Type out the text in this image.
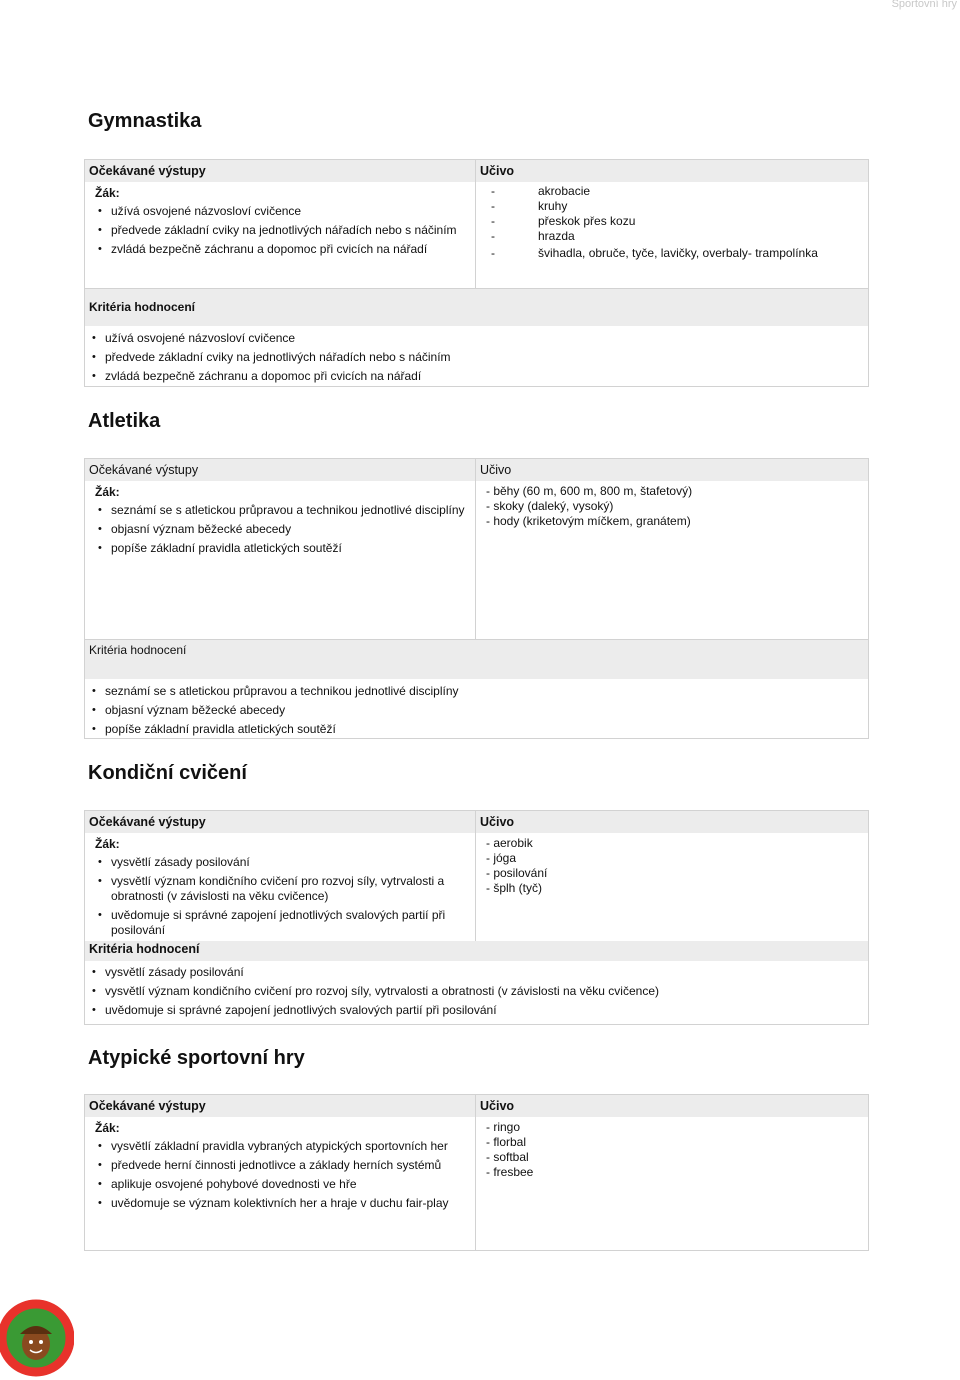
Sportovní hry
Gymnastika
Očekávané výstupy
Žák:
• užívá osvojené názvosloví cvičence
• předvede základní cviky na jednotlivých nářadích nebo s náčiním
• zvládá bezpečně záchranu a dopomoc při cvicích na nářadí
Učivo
- akrobacie
- kruhy
- přeskok přes kozu
- hrazda
- švihadla, obruče, tyče, lavičky, overbaly- trampolínka
Kritéria hodnocení
• užívá osvojené názvosloví cvičence
• předvede základní cviky na jednotlivých nářadích nebo s náčiním
• zvládá bezpečně záchranu a dopomoc při cvicích na nářadí
Atletika
Očekávané výstupy
Žák:
• seznámí se s atletickou průpravou a technikou jednotlivé disciplíny
• objasní význam běžecké abecedy
• popíše základní pravidla atletických soutěží
Učivo
- běhy (60 m, 600 m, 800 m, štafetový)
- skoky (daleký, vysoký)
- hody (kriketovým míčkem, granátem)
Kritéria hodnocení
• seznámí se s atletickou průpravou a technikou jednotlivé disciplíny
• objasní význam běžecké abecedy
• popíše základní pravidla atletických soutěží
Kondiční cvičení
Očekávané výstupy
Žák:
• vysvětlí zásady posilování
• vysvětlí význam kondičního cvičení pro rozvoj síly, vytrvalosti a obratnosti (v závislosti na věku cvičence)
• uvědomuje si správné zapojení jednotlivých svalových partií při posilování
Učivo
- aerobik
- jóga
- posilování
- šplh (tyč)
Kritéria hodnocení
• vysvětlí zásady posilování
• vysvětlí význam kondičního cvičení pro rozvoj síly, vytrvalosti a obratnosti (v závislosti na věku cvičence)
• uvědomuje si správné zapojení jednotlivých svalových partií při posilování
Atypické sportovní hry
Očekávané výstupy
Žák:
• vysvětlí základní pravidla vybraných atypických sportovních her
• předvede herní činnosti jednotlivce a základy herních systémů
• aplikuje osvojené pohybové dovednosti ve hře
• uvědomuje se význam kolektivních her a hraje v duchu fair-play
Učivo
- ringo
- florbal
- softbal
- fresbee
